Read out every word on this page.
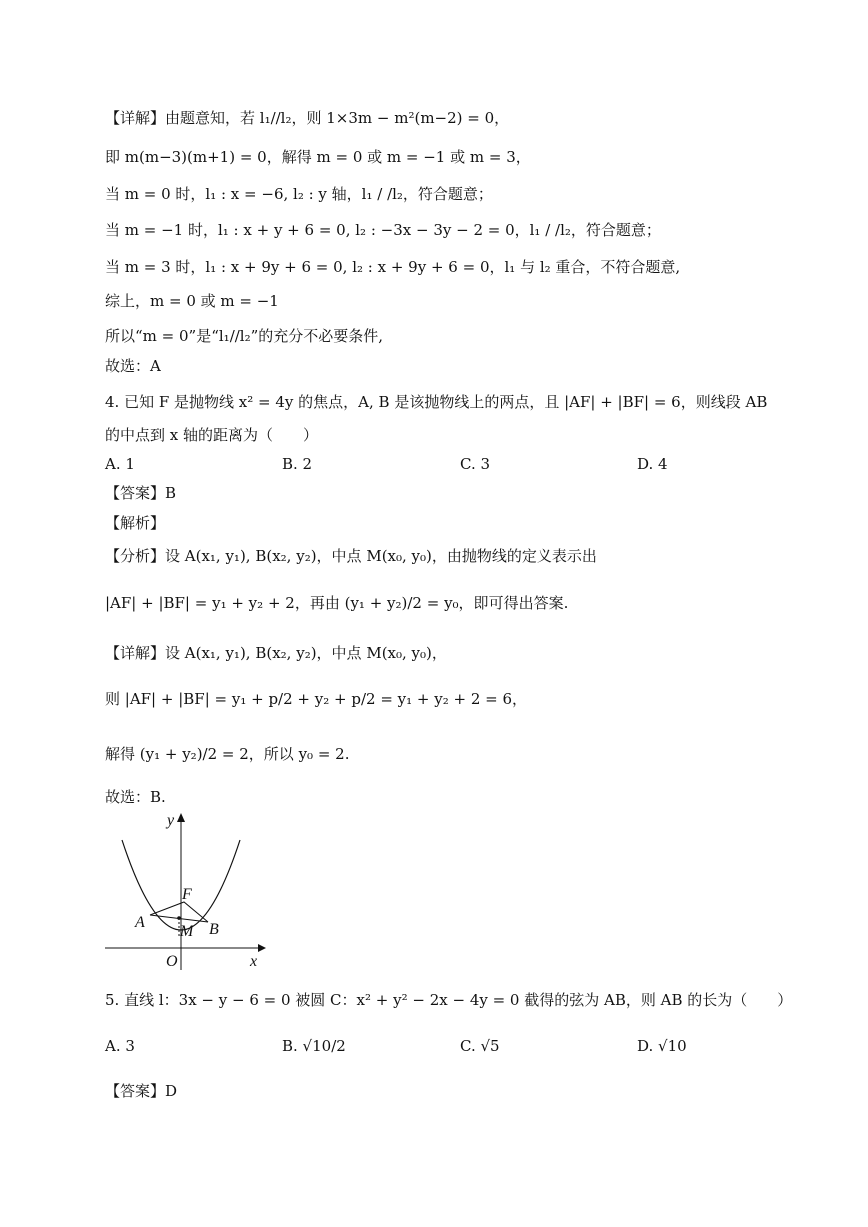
【详解】由题意知，若 l₁//l₂，则 1×3m − m²(m−2) = 0，
即 m(m−3)(m+1) = 0，解得 m = 0 或 m = −1 或 m = 3，
当 m = 0 时，l₁ : x = −6, l₂ : y 轴，l₁ / /l₂，符合题意；
当 m = −1 时，l₁ : x + y + 6 = 0, l₂ : −3x − 3y − 2 = 0，l₁ / /l₂，符合题意；
当 m = 3 时，l₁ : x + 9y + 6 = 0, l₂ : x + 9y + 6 = 0，l₁ 与 l₂ 重合，不符合题意,
综上，m = 0 或 m = −1
所以“m = 0”是“l₁//l₂”的充分不必要条件,
故选：A
4. 已知 F 是抛物线 x² = 4y 的焦点，A, B 是该抛物线上的两点，且 |AF| + |BF| = 6，则线段 AB
的中点到 x 轴的距离为（　　）
A. 1	B. 2	C. 3	D. 4
【答案】B
【解析】
【分析】设 A(x₁, y₁), B(x₂, y₂)，中点 M(x₀, y₀)，由抛物线的定义表示出
|AF| + |BF| = y₁ + y₂ + 2，再由 (y₁ + y₂)/2 = y₀，即可得出答案.
【详解】设 A(x₁, y₁), B(x₂, y₂)，中点 M(x₀, y₀)，
则 |AF| + |BF| = y₁ + p/2 + y₂ + p/2 = y₁ + y₂ + 2 = 6，
解得 (y₁ + y₂)/2 = 2，所以 y₀ = 2.
故选：B.
y
x
O
F
A	B
M
5. 直线 l：3x − y − 6 = 0 被圆 C：x² + y² − 2x − 4y = 0 截得的弦为 AB，则 AB 的长为（　　）
A. 3	B. √10/2	C. √5	D. √10
【答案】D
